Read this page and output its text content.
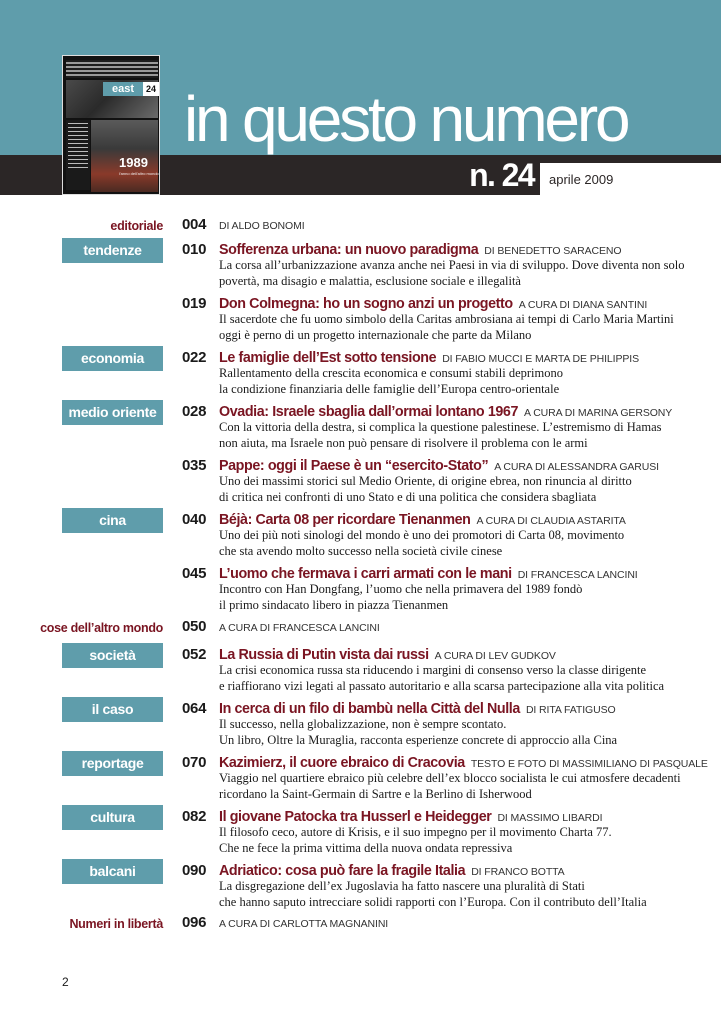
in questo numero
n. 24 aprile 2009
east	24
1989
l'anno dell'altro mondo
editoriale 004 DI ALDO BONOMI
tendenze	010 Sofferenza urbana: un nuovo paradigma DI BENEDETTO SARACENO
La corsa all’urbanizzazione avanza anche nei Paesi in via di sviluppo. Dove diventa non solo
povertà, ma disagio e malattia, esclusione sociale e illegalità
019 Don Colmegna: ho un sogno anzi un progetto A CURA DI DIANA SANTINI
Il sacerdote che fu uomo simbolo della Caritas ambrosiana ai tempi di Carlo Maria Martini
oggi è perno di un progetto internazionale che parte da Milano
economia	022 Le famiglie dell’Est sotto tensione DI FABIO MUCCI E MARTA DE PHILIPPIS
Rallentamento della crescita economica e consumi stabili deprimono
la condizione finanziaria delle famiglie dell’Europa centro-orientale
medio oriente	028 Ovadia: Israele sbaglia dall’ormai lontano 1967 A CURA DI MARINA GERSONY
Con la vittoria della destra, si complica la questione palestinese. L’estremismo di Hamas
non aiuta, ma Israele non può pensare di risolvere il problema con le armi
035 Pappe: oggi il Paese è un “esercito-Stato” A CURA DI ALESSANDRA GARUSI
Uno dei massimi storici sul Medio Oriente, di origine ebrea, non rinuncia al diritto
di critica nei confronti di uno Stato e di una politica che considera sbagliata
cina	040 Béjà: Carta 08 per ricordare Tienanmen A CURA DI CLAUDIA ASTARITA
Uno dei più noti sinologi del mondo è uno dei promotori di Carta 08, movimento
che sta avendo molto successo nella società civile cinese
045 L’uomo che fermava i carri armati con le mani DI FRANCESCA LANCINI
Incontro con Han Dongfang, l’uomo che nella primavera del 1989 fondò
il primo sindacato libero in piazza Tienanmen
cose dell’altro mondo 050 A CURA DI FRANCESCA LANCINI
società	052 La Russia di Putin vista dai russi A CURA DI LEV GUDKOV
La crisi economica russa sta riducendo i margini di consenso verso la classe dirigente
e riaffiorano vizi legati al passato autoritario e alla scarsa partecipazione alla vita politica
il caso	064 In cerca di un filo di bambù nella Città del Nulla DI RITA FATIGUSO
Il successo, nella globalizzazione, non è sempre scontato.
Un libro, Oltre la Muraglia, racconta esperienze concrete di approccio alla Cina
reportage	070 Kazimierz, il cuore ebraico di Cracovia TESTO E FOTO DI MASSIMILIANO DI PASQUALE
Viaggio nel quartiere ebraico più celebre dell’ex blocco socialista le cui atmosfere decadenti
ricordano la Saint-Germain di Sartre e la Berlino di Isherwood
cultura	082 Il giovane Patocka tra Husserl e Heidegger DI MASSIMO LIBARDI
Il filosofo ceco, autore di Krisis, e il suo impegno per il movimento Charta 77.
Che ne fece la prima vittima della nuova ondata repressiva
balcani	090 Adriatico: cosa può fare la fragile Italia DI FRANCO BOTTA
La disgregazione dell’ex Jugoslavia ha fatto nascere una pluralità di Stati
che hanno saputo intrecciare solidi rapporti con l’Europa. Con il contributo dell’Italia
Numeri in libertà 096 A CURA DI CARLOTTA MAGNANINI
2
